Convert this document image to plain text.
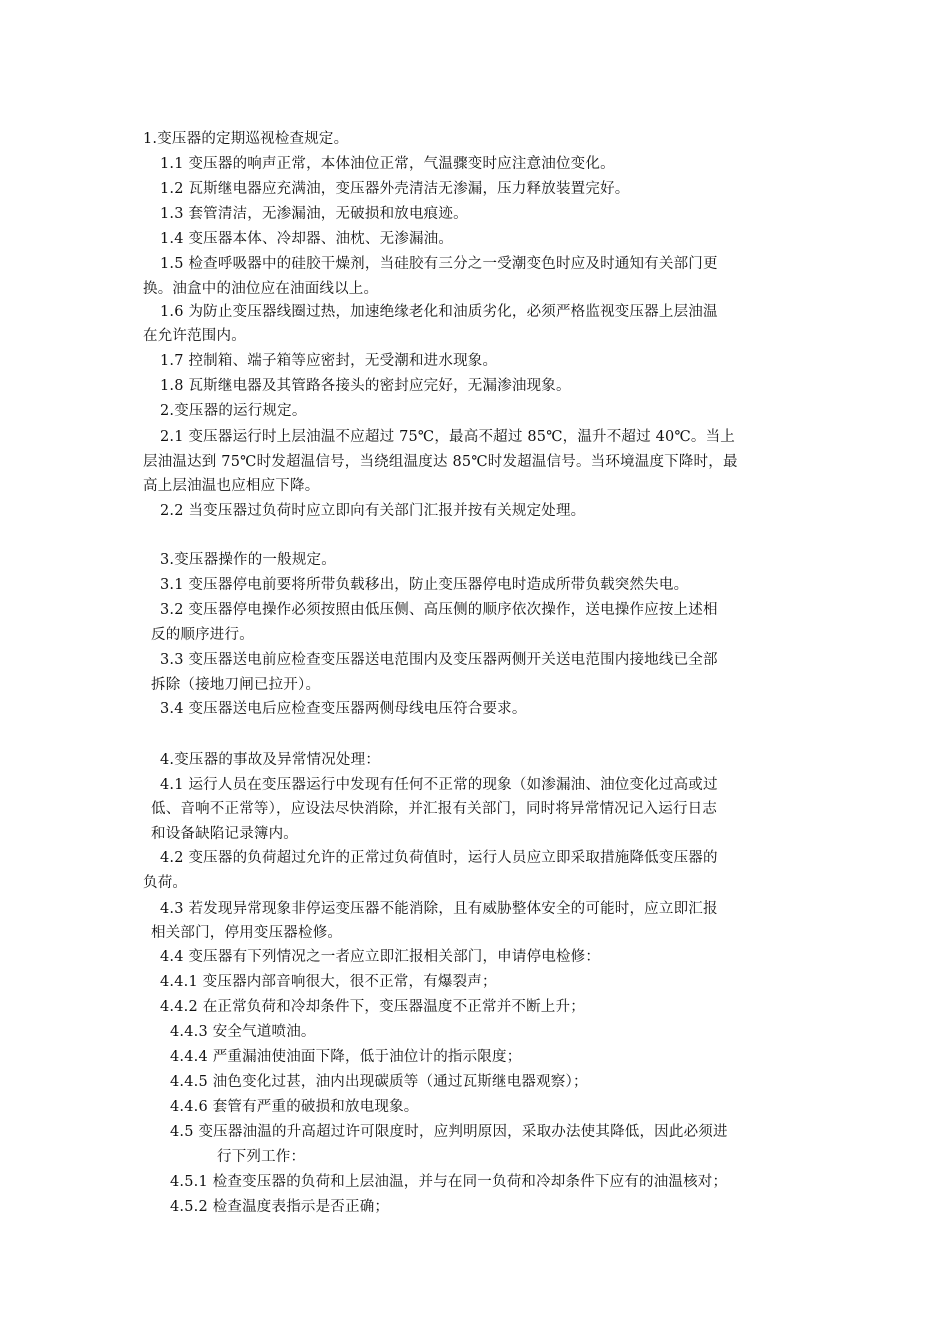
1.变压器的定期巡视检查规定。
1.1 变压器的响声正常，本体油位正常，气温骤变时应注意油位变化。
1.2 瓦斯继电器应充满油，变压器外壳清洁无渗漏，压力释放装置完好。
1.3 套管清洁，无渗漏油，无破损和放电痕迹。
1.4 变压器本体、冷却器、油枕、无渗漏油。
1.5 检查呼吸器中的硅胶干燥剂，当硅胶有三分之一受潮变色时应及时通知有关部门更
换。油盒中的油位应在油面线以上。
1.6 为防止变压器线圈过热，加速绝缘老化和油质劣化，必须严格监视变压器上层油温
在允许范围内。
1.7 控制箱、端子箱等应密封，无受潮和进水现象。
1.8 瓦斯继电器及其管路各接头的密封应完好，无漏渗油现象。
2.变压器的运行规定。
2.1 变压器运行时上层油温不应超过 75℃，最高不超过 85℃，温升不超过 40℃。当上
层油温达到 75℃时发超温信号，当绕组温度达 85℃时发超温信号。当环境温度下降时，最
高上层油温也应相应下降。
2.2 当变压器过负荷时应立即向有关部门汇报并按有关规定处理。
3.变压器操作的一般规定。
3.1 变压器停电前要将所带负载移出，防止变压器停电时造成所带负载突然失电。
3.2 变压器停电操作必须按照由低压侧、高压侧的顺序依次操作，送电操作应按上述相
反的顺序进行。
3.3 变压器送电前应检查变压器送电范围内及变压器两侧开关送电范围内接地线已全部
拆除（接地刀闸已拉开）。
3.4 变压器送电后应检查变压器两侧母线电压符合要求。
4.变压器的事故及异常情况处理：
4.1 运行人员在变压器运行中发现有任何不正常的现象（如渗漏油、油位变化过高或过
低、音响不正常等），应设法尽快消除，并汇报有关部门，同时将异常情况记入运行日志
和设备缺陷记录簿内。
4.2 变压器的负荷超过允许的正常过负荷值时，运行人员应立即采取措施降低变压器的
负荷。
4.3 若发现异常现象非停运变压器不能消除，且有威胁整体安全的可能时，应立即汇报
相关部门，停用变压器检修。
4.4 变压器有下列情况之一者应立即汇报相关部门，申请停电检修：
4.4.1 变压器内部音响很大，很不正常，有爆裂声；
4.4.2 在正常负荷和冷却条件下，变压器温度不正常并不断上升；
4.4.3 安全气道喷油。
4.4.4 严重漏油使油面下降，低于油位计的指示限度；
4.4.5 油色变化过甚，油内出现碳质等（通过瓦斯继电器观察）；
4.4.6 套管有严重的破损和放电现象。
4.5 变压器油温的升高超过许可限度时，应判明原因，采取办法使其降低，因此必须进
行下列工作：
4.5.1 检查变压器的负荷和上层油温，并与在同一负荷和冷却条件下应有的油温核对；
4.5.2 检查温度表指示是否正确；
